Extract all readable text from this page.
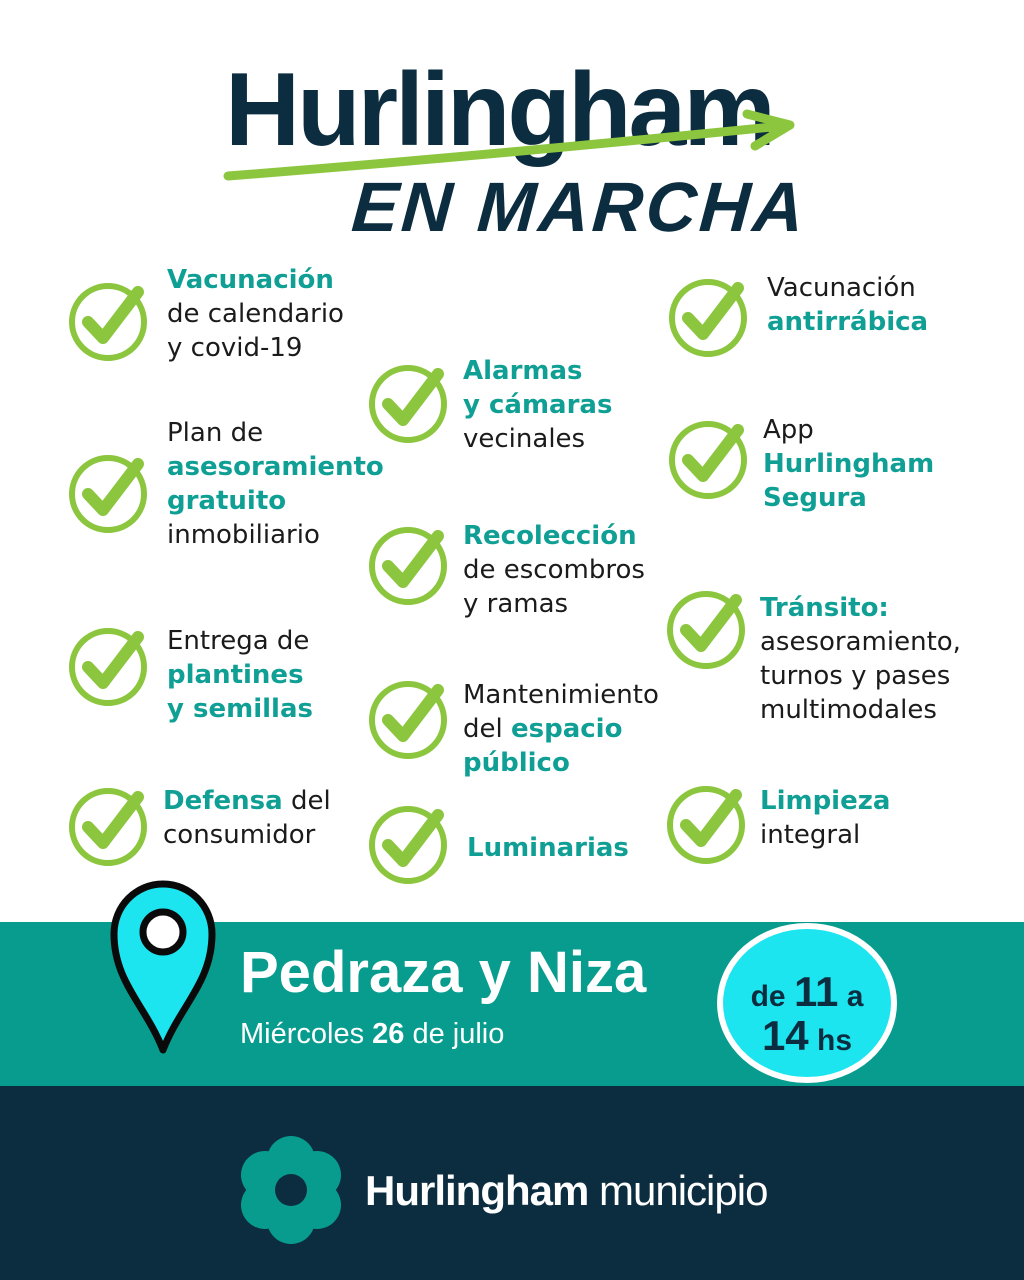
Hurlingham
EN MARCHA
Vacunación
de calendario
y covid-19
Plan de
asesoramiento
gratuito
inmobiliario
Entrega de
plantines
y semillas
Defensa del
consumidor
Alarmas
y cámaras
vecinales
Recolección
de escombros
y ramas
Mantenimiento
del espacio
público
Luminarias
Vacunación
antirrábica
App
Hurlingham
Segura
Tránsito:
asesoramiento,
turnos y pases
multimodales
Limpieza
integral
Pedraza y Niza
Miércoles 26 de julio
de 11 a
14 hs
Hurlingham municipio
